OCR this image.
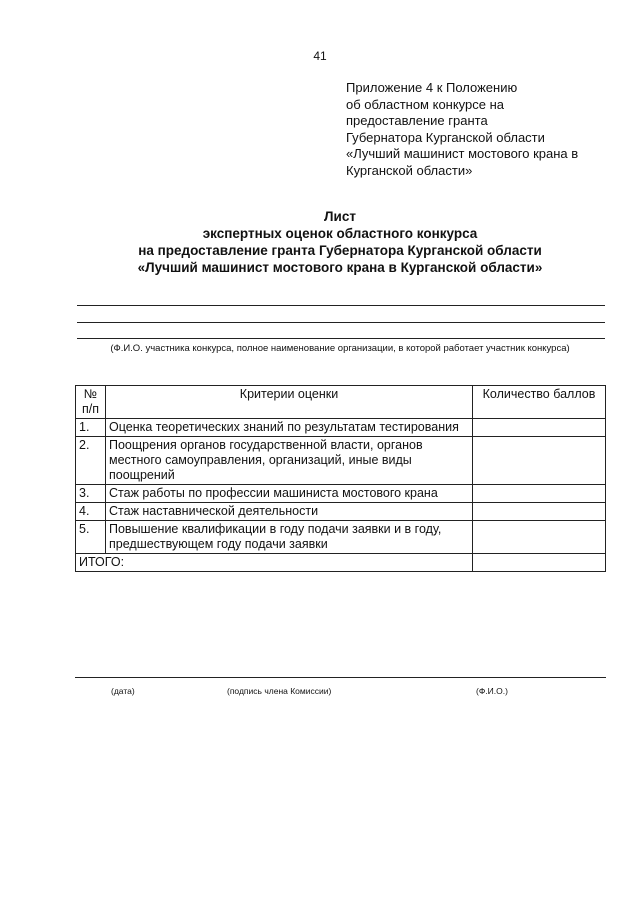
41
Приложение 4 к Положению
об областном конкурсе на
предоставление гранта
Губернатора Курганской области
«Лучший машинист мостового крана в
Курганской области»
Лист
экспертных оценок областного конкурса
на предоставление гранта Губернатора Курганской области
«Лучший машинист мостового крана в Курганской области»
(Ф.И.О. участника конкурса, полное наименование организации, в которой работает участник конкурса)
№ п/п	Критерии оценки	Количество баллов
1.	Оценка теоретических знаний по результатам тестирования	
2.	Поощрения органов государственной власти, органов местного самоуправления, организаций, иные виды поощрений	
3.	Стаж работы по профессии машиниста мостового крана	
4.	Стаж наставнической деятельности	
5.	Повышение квалификации в году подачи заявки и в году, предшествующем году подачи заявки	
ИТОГО:		
(дата)	(подпись члена Комиссии)	(Ф.И.О.)
